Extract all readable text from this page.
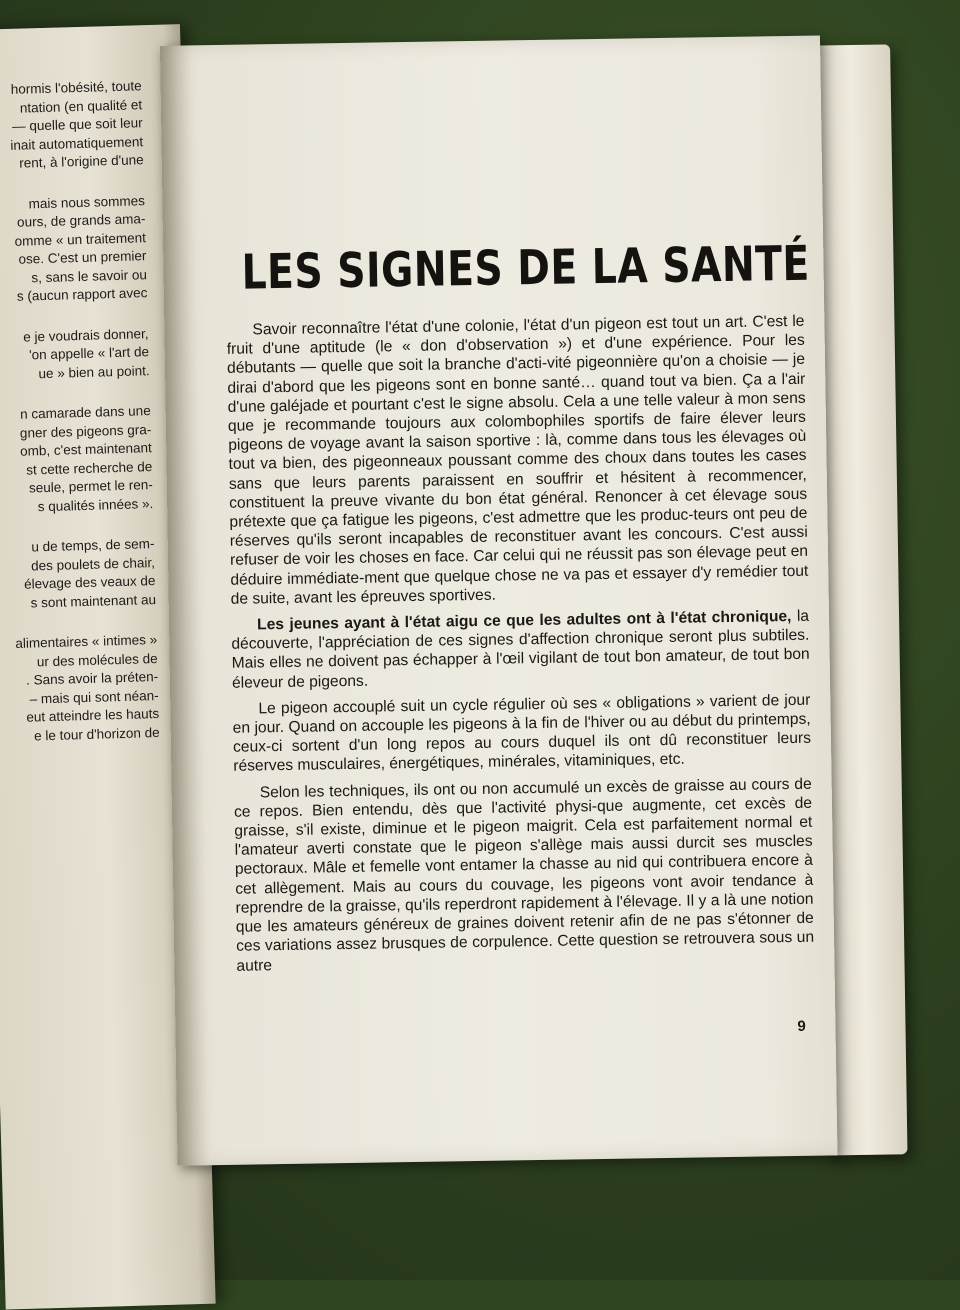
hormis l'obésité, toute

ntation (en qualité et

— quelle que soit leur

inait automatiquement

rent, à l'origine d'une

mais nous sommes

ours, de grands ama-

omme « un traitement

ose. C'est un premier

s, sans le savoir ou

s (aucun rapport avec

e je voudrais donner,

'on appelle « l'art de

ue » bien au point.

n camarade dans une

gner des pigeons gra-

omb, c'est maintenant

st cette recherche de

seule, permet le ren-

s qualités innées ».

u de temps, de sem-

des poulets de chair,

élevage des veaux de

s sont maintenant au

alimentaires « intimes »

ur des molécules de

. Sans avoir la préten-

– mais qui sont néan-

eut atteindre les hauts

e le tour d'horizon de

LES SIGNES DE LA SANTÉ

Savoir reconnaître l'état d'une colonie, l'état d'un pigeon est tout un art. C'est le fruit d'une aptitude (le « don d'observation ») et d'une expérience. Pour les débutants — quelle que soit la branche d'acti-vité pigeonnière qu'on a choisie — je dirai d'abord que les pigeons sont en bonne santé… quand tout va bien. Ça a l'air d'une galéjade et pourtant c'est le signe absolu. Cela a une telle valeur à mon sens que je recommande toujours aux colombophiles sportifs de faire élever leurs pigeons de voyage avant la saison sportive : là, comme dans tous les élevages où tout va bien, des pigeonneaux poussant comme des choux dans toutes les cases sans que leurs parents paraissent en souffrir et hésitent à recommencer, constituent la preuve vivante du bon état général. Renoncer à cet élevage sous prétexte que ça fatigue les pigeons, c'est admettre que les produc-teurs ont peu de réserves qu'ils seront incapables de reconstituer avant les concours. C'est aussi refuser de voir les choses en face. Car celui qui ne réussit pas son élevage peut en déduire immédiate-ment que quelque chose ne va pas et essayer d'y remédier tout de suite, avant les épreuves sportives.

Les jeunes ayant à l'état aigu ce que les adultes ont à l'état chronique, la découverte, l'appréciation de ces signes d'affection chronique seront plus subtiles. Mais elles ne doivent pas échapper à l'œil vigilant de tout bon amateur, de tout bon éleveur de pigeons.

Le pigeon accouplé suit un cycle régulier où ses « obligations » varient de jour en jour. Quand on accouple les pigeons à la fin de l'hiver ou au début du printemps, ceux-ci sortent d'un long repos au cours duquel ils ont dû reconstituer leurs réserves musculaires, énergétiques, minérales, vitaminiques, etc.

Selon les techniques, ils ont ou non accumulé un excès de graisse au cours de ce repos. Bien entendu, dès que l'activité physi-que augmente, cet excès de graisse, s'il existe, diminue et le pigeon maigrit. Cela est parfaitement normal et l'amateur averti constate que le pigeon s'allège mais aussi durcit ses muscles pectoraux. Mâle et femelle vont entamer la chasse au nid qui contribuera encore à cet allègement. Mais au cours du couvage, les pigeons vont avoir tendance à reprendre de la graisse, qu'ils reperdront rapidement à l'élevage. Il y a là une notion que les amateurs généreux de graines doivent retenir afin de ne pas s'étonner de ces variations assez brusques de corpulence. Cette question se retrouvera sous un autre

9
